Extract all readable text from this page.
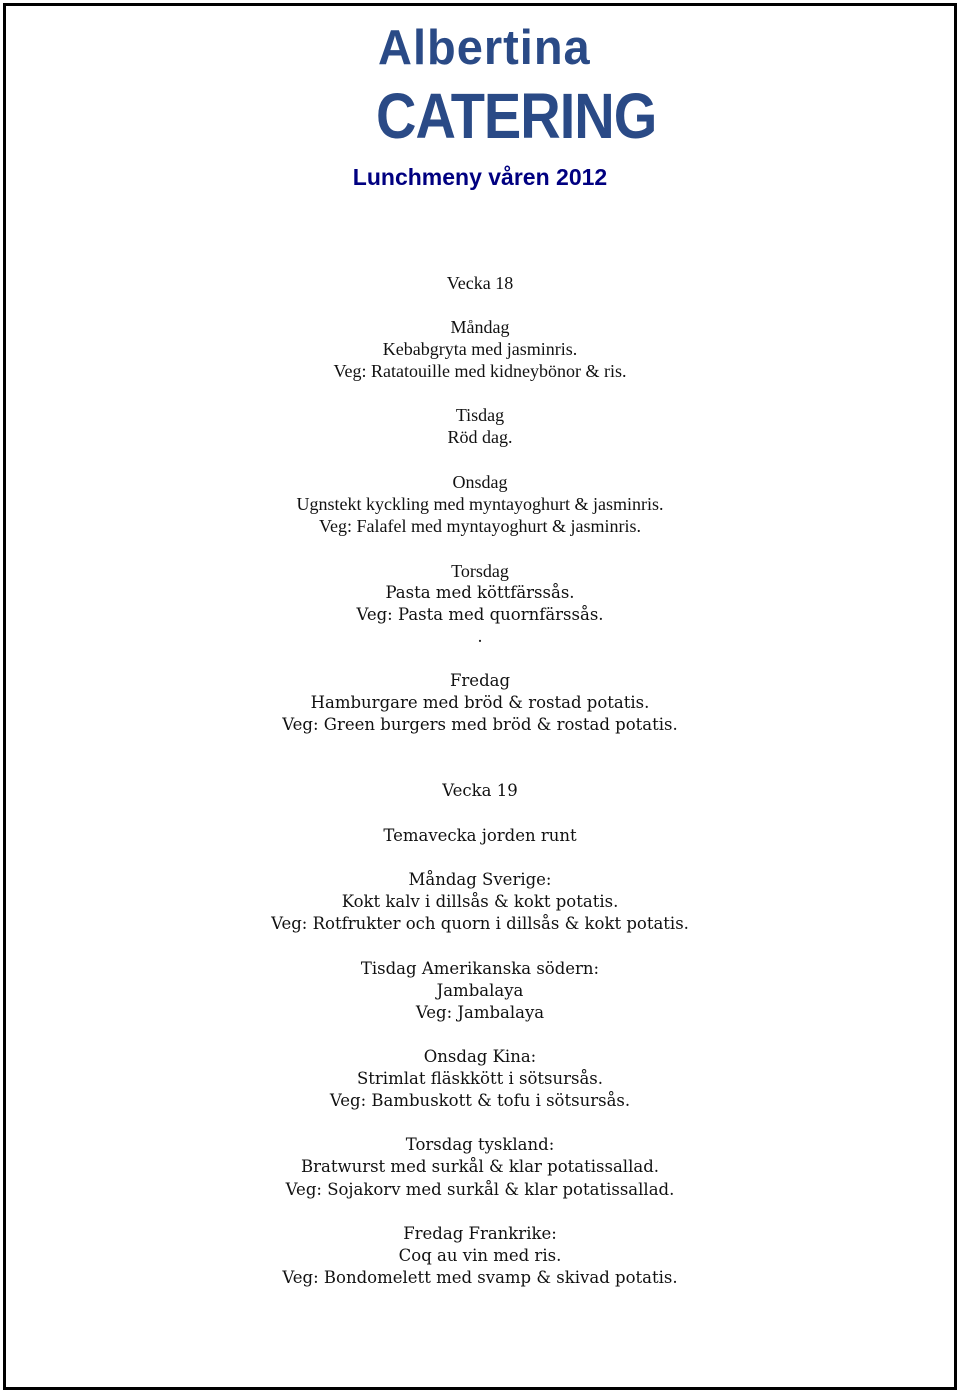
Albertina
CATERING
Lunchmeny våren 2012
Vecka 18
Måndag
Kebabgryta med jasminris.
Veg: Ratatouille med kidneybönor & ris.
Tisdag
Röd dag.
Onsdag
Ugnstekt kyckling med myntayoghurt & jasminris.
Veg: Falafel med myntayoghurt & jasminris.
Torsdag
Pasta med köttfärssås.
Veg: Pasta med quornfärssås.
.
Fredag
Hamburgare med bröd & rostad potatis.
Veg: Green burgers med bröd & rostad potatis.
Vecka 19
Temavecka jorden runt
Måndag Sverige:
Kokt kalv i dillsås & kokt potatis.
Veg: Rotfrukter och quorn i dillsås & kokt potatis.
Tisdag Amerikanska södern:
Jambalaya
Veg: Jambalaya
Onsdag Kina:
Strimlat fläskkött i sötsursås.
Veg: Bambuskott & tofu i sötsursås.
Torsdag tyskland:
Bratwurst med surkål & klar potatissallad.
Veg: Sojakorv med surkål & klar potatissallad.
Fredag Frankrike:
Coq au vin med ris.
Veg: Bondomelett med svamp & skivad potatis.
